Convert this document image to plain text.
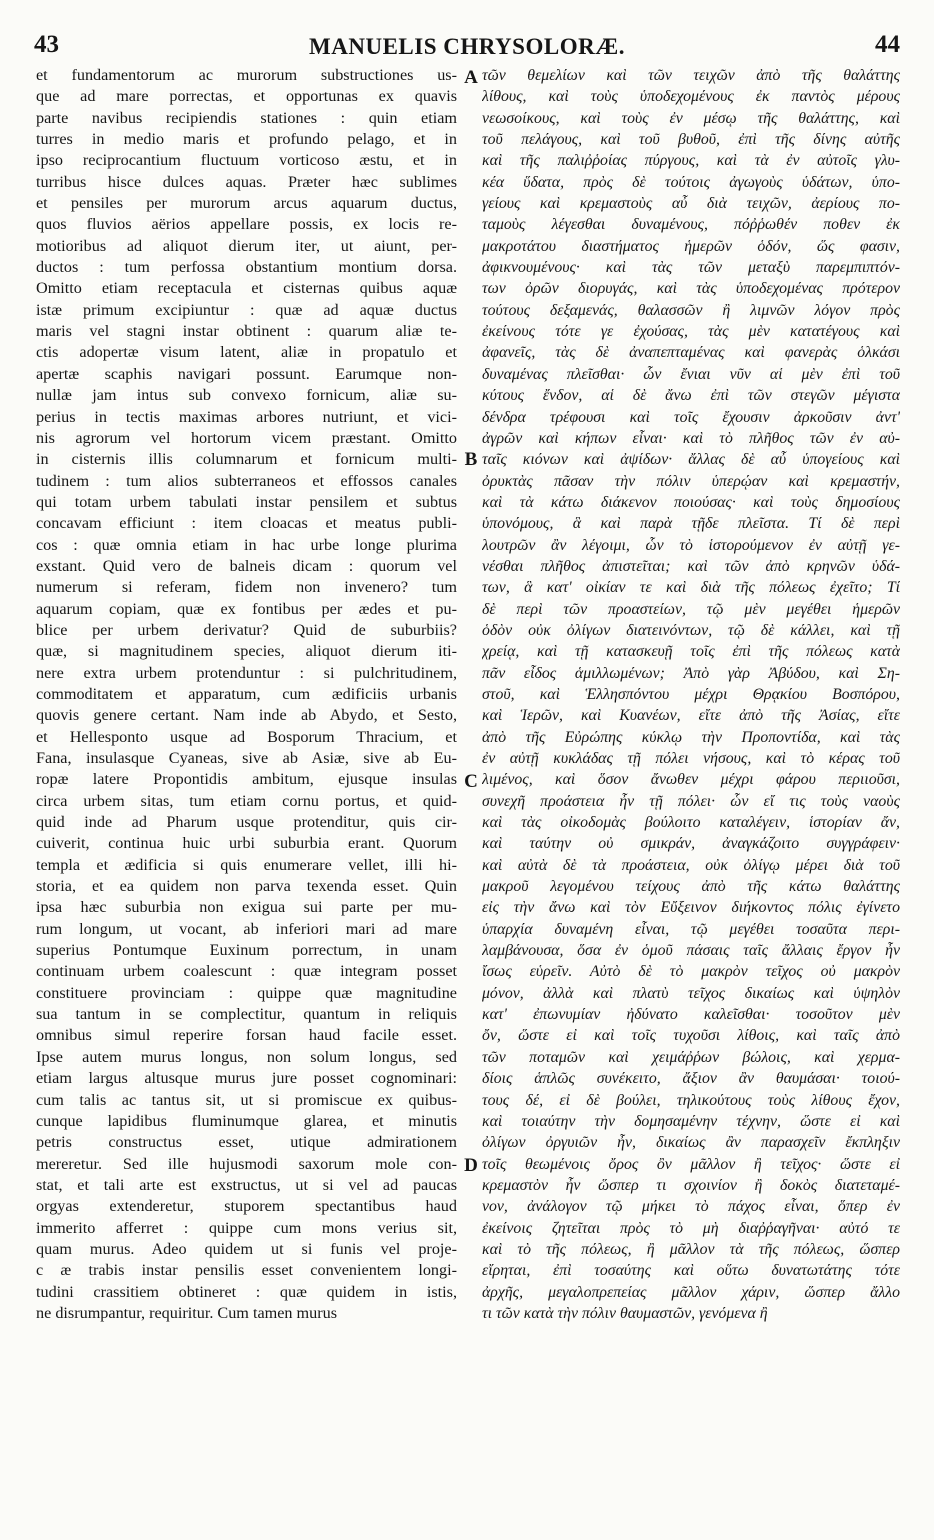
43	MANUELIS CHRYSOLORÆ.	44
et fundamentorum ac murorum substructiones us-
que ad mare porrectas, et opportunas ex quavis
parte navibus recipiendis stationes : quin etiam
turres in medio maris et profundo pelago, et in
ipso reciprocantium fluctuum vorticoso æstu, et in
turribus hisce dulces aquas. Præter hæc sublimes
et pensiles per murorum arcus aquarum ductus,
quos fluvios aërios appellare possis, ex locis re-
motioribus ad aliquot dierum iter, ut aiunt, per-
ductos : tum perfossa obstantium montium dorsa.
Omitto etiam receptacula et cisternas quibus aquæ
istæ primum excipiuntur : quæ ad aquæ ductus
maris vel stagni instar obtinent : quarum aliæ te-
ctis adopertæ visum latent, aliæ in propatulo et
apertæ scaphis navigari possunt. Earumque non-
nullæ jam intus sub convexo fornicum, aliæ su-
perius in tectis maximas arbores nutriunt, et vici-
nis agrorum vel hortorum vicem præstant. Omitto
in cisternis illis columnarum et fornicum multi-
tudinem : tum alios subterraneos et effossos canales
qui totam urbem tabulati instar pensilem et subtus
concavam efficiunt : item cloacas et meatus publi-
cos : quæ omnia etiam in hac urbe longe plurima
exstant. Quid vero de balneis dicam : quorum vel
numerum si referam, fidem non invenero? tum
aquarum copiam, quæ ex fontibus per ædes et pu-
blice per urbem derivatur? Quid de suburbiis?
quæ, si magnitudinem species, aliquot dierum iti-
nere extra urbem protenduntur : si pulchritudinem,
commoditatem et apparatum, cum ædificiis urbanis
quovis genere certant. Nam inde ab Abydo, et Sesto,
et Hellesponto usque ad Bosporum Thracium, et
Fana, insulasque Cyaneas, sive ab Asiæ, sive ab Eu-
ropæ latere Propontidis ambitum, ejusque insulas
circa urbem sitas, tum etiam cornu portus, et quid-
quid inde ad Pharum usque protenditur, quis cir-
cuiverit, continua huic urbi suburbia erant. Quorum
templa et ædificia si quis enumerare vellet, illi hi-
storia, et ea quidem non parva texenda esset. Quin
ipsa hæc suburbia non exigua sui parte per mu-
rum longum, ut vocant, ab inferiori mari ad mare
superius Pontumque Euxinum porrectum, in unam
continuam urbem coalescunt : quæ integram posset
constituere provinciam : quippe quæ magnitudine
sua tantum in se complectitur, quantum in reliquis
omnibus simul reperire forsan haud facile esset.
Ipse autem murus longus, non solum longus, sed
etiam largus altusque murus jure posset cognominari:
cum talis ac tantus sit, ut si promiscue ex quibus-
cunque lapidibus fluminumque glarea, et minutis
petris constructus esset, utique admirationem
mereretur. Sed ille hujusmodi saxorum mole con-
stat, et tali arte est exstructus, ut si vel ad paucas
orgyas extenderetur, stuporem spectantibus haud
immerito afferret : quippe cum mons verius sit,
quam murus. Adeo quidem ut si funis vel proje-
c æ trabis instar pensilis esset convenientem longi-
tudini crassitiem obtineret : quæ quidem in istis,
ne disrumpantur, requiritur. Cum tamen murus
τῶν θεμελίων καὶ τῶν τειχῶν ἀπὸ τῆς θαλάττης
λίθους, καὶ τοὺς ὑποδεχομένους ἐκ παντὸς μέρους
νεωσοίκους, καὶ τοὺς ἐν μέσῳ τῆς θαλάττης, καὶ
τοῦ πελάγους, καὶ τοῦ βυθοῦ, ἐπὶ τῆς δίνης αὐτῆς
καὶ τῆς παλιῤῥοίας πύργους, καὶ τὰ ἐν αὐτοῖς γλυ-
κέα ὕδατα, πρὸς δὲ τούτοις ἀγωγοὺς ὑδάτων, ὑπο-
γείους καὶ κρεμαστοὺς αὖ διὰ τειχῶν, ἀερίους πο-
ταμοὺς λέγεσθαι δυναμένους, πόῤῥωθέν ποθεν ἐκ
μακροτάτου διαστήματος ἡμερῶν ὁδόν, ὥς φασιν,
ἀφικνουμένους· καὶ τὰς τῶν μεταξὺ παρεμπιπτόν-
των ὀρῶν διορυγάς, καὶ τὰς ὑποδεχομένας πρότερον
τούτους δεξαμενάς, θαλασσῶν ἢ λιμνῶν λόγον πρὸς
ἐκείνους τότε γε ἐχούσας, τὰς μὲν κατατέγους καὶ
ἀφανεῖς, τὰς δὲ ἀναπεπταμένας καὶ φανερὰς ὁλκάσι
δυναμένας πλεῖσθαι· ὧν ἔνιαι νῦν αἱ μὲν ἐπὶ τοῦ
κύτους ἔνδον, αἱ δὲ ἄνω ἐπὶ τῶν στεγῶν μέγιστα
δένδρα τρέφουσι καὶ τοῖς ἔχουσιν ἀρκοῦσιν ἀντ'
ἀγρῶν καὶ κήπων εἶναι· καὶ τὸ πλῆθος τῶν ἐν αὐ-
ταῖς κιόνων καὶ ἀψίδων· ἄλλας δὲ αὖ ὑπογείους καὶ
ὀρυκτὰς πᾶσαν τὴν πόλιν ὑπερῴαν καὶ κρεμαστήν,
καὶ τὰ κάτω διάκενον ποιούσας· καὶ τοὺς δημοσίους
ὑπονόμους, ἃ καὶ παρὰ τῇδε πλεῖστα. Τί δὲ περὶ
λουτρῶν ἂν λέγοιμι, ὧν τὸ ἱστορούμενον ἐν αὐτῇ γε-
νέσθαι πλῆθος ἀπιστεῖται; καὶ τῶν ἀπὸ κρηνῶν ὑδά-
των, ἃ κατ' οἰκίαν τε καὶ διὰ τῆς πόλεως ἐχεῖτο; Τί
δὲ περὶ τῶν προαστείων, τῷ μὲν μεγέθει ἡμερῶν
ὁδὸν οὐκ ὀλίγων διατεινόντων, τῷ δὲ κάλλει, καὶ τῇ
χρείᾳ, καὶ τῇ κατασκευῇ τοῖς ἐπὶ τῆς πόλεως κατὰ
πᾶν εἶδος ἁμιλλωμένων; Ἀπὸ γὰρ Ἀβύδου, καὶ Ση-
στοῦ, καὶ Ἑλλησπόντου μέχρι Θρᾳκίου Βοσπόρου,
καὶ Ἱερῶν, καὶ Κυανέων, εἴτε ἀπὸ τῆς Ἀσίας, εἴτε
ἀπὸ τῆς Εὐρώπης κύκλῳ τὴν Προποντίδα, καὶ τὰς
ἐν αὐτῇ κυκλάδας τῇ πόλει νήσους, καὶ τὸ κέρας τοῦ
λιμένος, καὶ ὅσον ἄνωθεν μέχρι φάρου περιιοῦσι,
συνεχῆ προάστεια ἦν τῇ πόλει· ὧν εἴ τις τοὺς ναοὺς
καὶ τὰς οἰκοδομὰς βούλοιτο καταλέγειν, ἱστορίαν ἄν,
καὶ ταύτην οὐ σμικράν, ἀναγκάζοιτο συγγράφειν·
καὶ αὐτὰ δὲ τὰ προάστεια, οὐκ ὀλίγῳ μέρει διὰ τοῦ
μακροῦ λεγομένου τείχους ἀπὸ τῆς κάτω θαλάττης
εἰς τὴν ἄνω καὶ τὸν Εὔξεινον διήκοντος πόλις ἐγίνετο
ὑπαρχία δυναμένη εἶναι, τῷ μεγέθει τοσαῦτα περι-
λαμβάνουσα, ὅσα ἐν ὁμοῦ πάσαις ταῖς ἄλλαις ἔργον ἦν
ἴσως εὑρεῖν. Αὐτὸ δὲ τὸ μακρὸν τεῖχος οὐ μακρὸν
μόνον, ἀλλὰ καὶ πλατὺ τεῖχος δικαίως καὶ ὑψηλὸν
κατ' ἐπωνυμίαν ἠδύνατο καλεῖσθαι· τοσοῦτον μὲν
ὄν, ὥστε εἰ καὶ τοῖς τυχοῦσι λίθοις, καὶ ταῖς ἀπὸ
τῶν ποταμῶν καὶ χειμάῤῥων βώλοις, καὶ χερμα-
δίοις ἁπλῶς συνέκειτο, ἄξιον ἂν θαυμάσαι· τοιού-
τους δέ, εἰ δὲ βούλει, τηλικούτους τοὺς λίθους ἔχον,
καὶ τοιαύτην τὴν δομησαμένην τέχνην, ὥστε εἰ καὶ
ὀλίγων ὀργυιῶν ἦν, δικαίως ἂν παρασχεῖν ἔκπληξιν
τοῖς θεωμένοις ὄρος ὂν μᾶλλον ἢ τεῖχος· ὥστε εἰ
κρεμαστὸν ἦν ὥσπερ τι σχοινίον ἢ δοκὸς διατεταμέ-
νον, ἀνάλογον τῷ μήκει τὸ πάχος εἶναι, ὅπερ ἐν
ἐκείνοις ζητεῖται πρὸς τὸ μὴ διαῤῥαγῆναι· αὐτό τε
καὶ τὸ τῆς πόλεως, ἢ μᾶλλον τὰ τῆς πόλεως, ὥσπερ
εἴρηται, ἐπὶ τοσαύτης καὶ οὕτω δυνατωτάτης τότε
ἀρχῆς, μεγαλοπρεπείας μᾶλλον χάριν, ὥσπερ ἄλλο
τι τῶν κατὰ τὴν πόλιν θαυμαστῶν, γενόμενα ἢ
A
B
C
D
